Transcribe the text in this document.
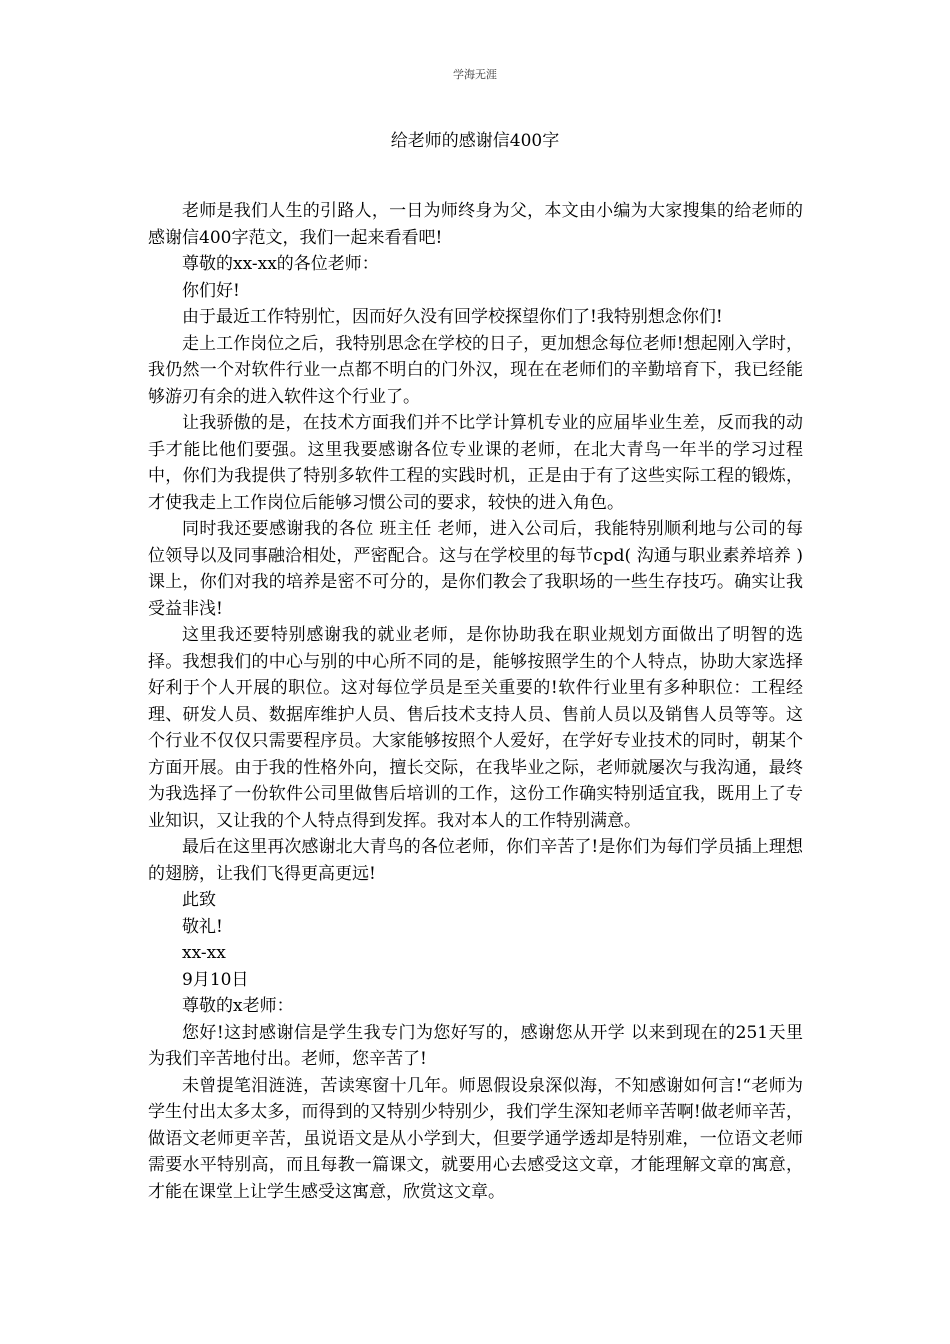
学海无涯
给老师的感谢信400字

老师是我们人生的引路人，一日为师终身为父，本文由小编为大家搜集的给老师的感谢信400字范文，我们一起来看看吧!

尊敬的xx-xx的各位老师：

你们好!

由于最近工作特别忙，因而好久没有回学校探望你们了!我特别想念你们!

走上工作岗位之后，我特别思念在学校的日子，更加想念每位老师!想起刚入学时，我仍然一个对软件行业一点都不明白的门外汉，现在在老师们的辛勤培育下，我已经能够游刃有余的进入软件这个行业了。

让我骄傲的是，在技术方面我们并不比学计算机专业的应届毕业生差，反而我的动手才能比他们要强。这里我要感谢各位专业课的老师，在北大青鸟一年半的学习过程中，你们为我提供了特别多软件工程的实践时机，正是由于有了这些实际工程的锻炼，才使我走上工作岗位后能够习惯公司的要求，较快的进入角色。

同时我还要感谢我的各位 班主任 老师，进入公司后，我能特别顺利地与公司的每位领导以及同事融洽相处，严密配合。这与在学校里的每节cpd( 沟通与职业素养培养 ) 课上，你们对我的培养是密不可分的，是你们教会了我职场的一些生存技巧。确实让我受益非浅!

这里我还要特别感谢我的就业老师，是你协助我在职业规划方面做出了明智的选择。我想我们的中心与别的中心所不同的是，能够按照学生的个人特点，协助大家选择好利于个人开展的职位。这对每位学员是至关重要的!软件行业里有多种职位：工程经理、研发人员、数据库维护人员、售后技术支持人员、售前人员以及销售人员等等。这个行业不仅仅只需要程序员。大家能够按照个人爱好，在学好专业技术的同时，朝某个方面开展。由于我的性格外向，擅长交际，在我毕业之际，老师就屡次与我沟通，最终为我选择了一份软件公司里做售后培训的工作，这份工作确实特别适宜我，既用上了专业知识，又让我的个人特点得到发挥。我对本人的工作特别满意。

最后在这里再次感谢北大青鸟的各位老师，你们辛苦了!是你们为每们学员插上理想的翅膀，让我们飞得更高更远!

此致

敬礼!

xx-xx

9月10日

尊敬的x老师：

您好!这封感谢信是学生我专门为您好写的，感谢您从开学 以来到现在的251天里为我们辛苦地付出。老师，您辛苦了!

未曾提笔泪涟涟，苦读寒窗十几年。师恩假设泉深似海，不知感谢如何言!“老师为学生付出太多太多，而得到的又特别少特别少，我们学生深知老师辛苦啊!做老师辛苦，做语文老师更辛苦，虽说语文是从小学到大，但要学通学透却是特别难，一位语文老师需要水平特别高，而且每教一篇课文，就要用心去感受这文章，才能理解文章的寓意，才能在课堂上让学生感受这寓意，欣赏这文章。
